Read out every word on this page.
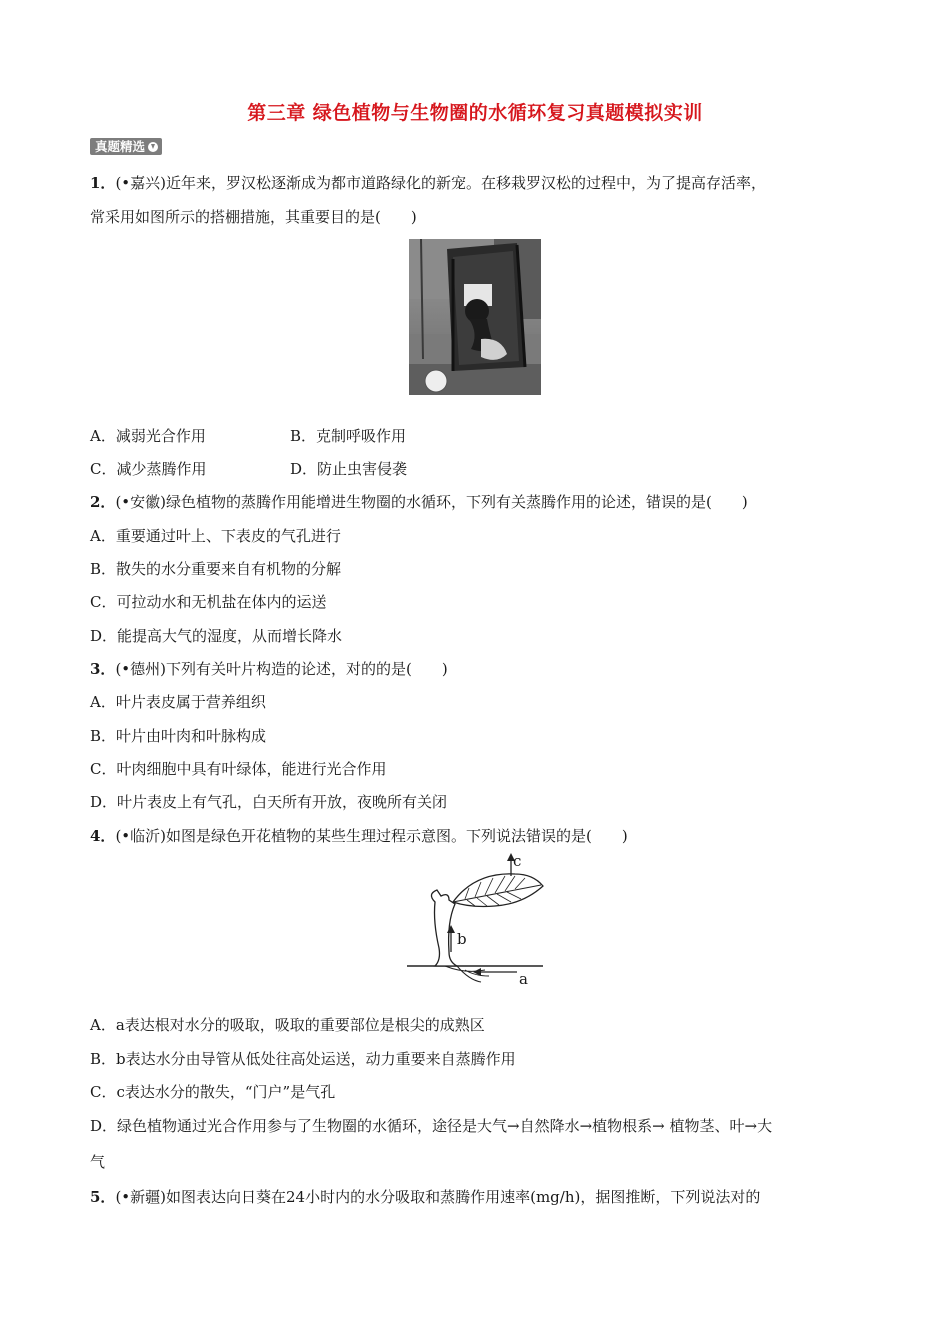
第三章 绿色植物与生物圈的水循环复习真题模拟实训
真题精选
1．(•嘉兴)近年来，罗汉松逐渐成为都市道路绿化的新宠。在移栽罗汉松的过程中，为了提高存活率，
常采用如图所示的搭棚措施，其重要目的是(　　)
A．减弱光合作用	B．克制呼吸作用
C．减少蒸腾作用	D．防止虫害侵袭
2．(•安徽)绿色植物的蒸腾作用能增进生物圈的水循环，下列有关蒸腾作用的论述，错误的是(　　)
A．重要通过叶上、下表皮的气孔进行
B．散失的水分重要来自有机物的分解
C．可拉动水和无机盐在体内的运送
D．能提高大气的湿度，从而增长降水
3．(•德州)下列有关叶片构造的论述，对的的是(　　)
A．叶片表皮属于营养组织
B．叶片由叶肉和叶脉构成
C．叶肉细胞中具有叶绿体，能进行光合作用
D．叶片表皮上有气孔，白天所有开放，夜晚所有关闭
4．(•临沂)如图是绿色开花植物的某些生理过程示意图。下列说法错误的是(　　)
c
b
a
A．a表达根对水分的吸取，吸取的重要部位是根尖的成熟区
B．b表达水分由导管从低处往高处运送，动力重要来自蒸腾作用
C．c表达水分的散失，“门户”是气孔
D．绿色植物通过光合作用参与了生物圈的水循环，途径是大气→自然降水→植物根系→ 植物茎、叶→大
气
5．(•新疆)如图表达向日葵在24小时内的水分吸取和蒸腾作用速率(mg/h)，据图推断，下列说法对的
